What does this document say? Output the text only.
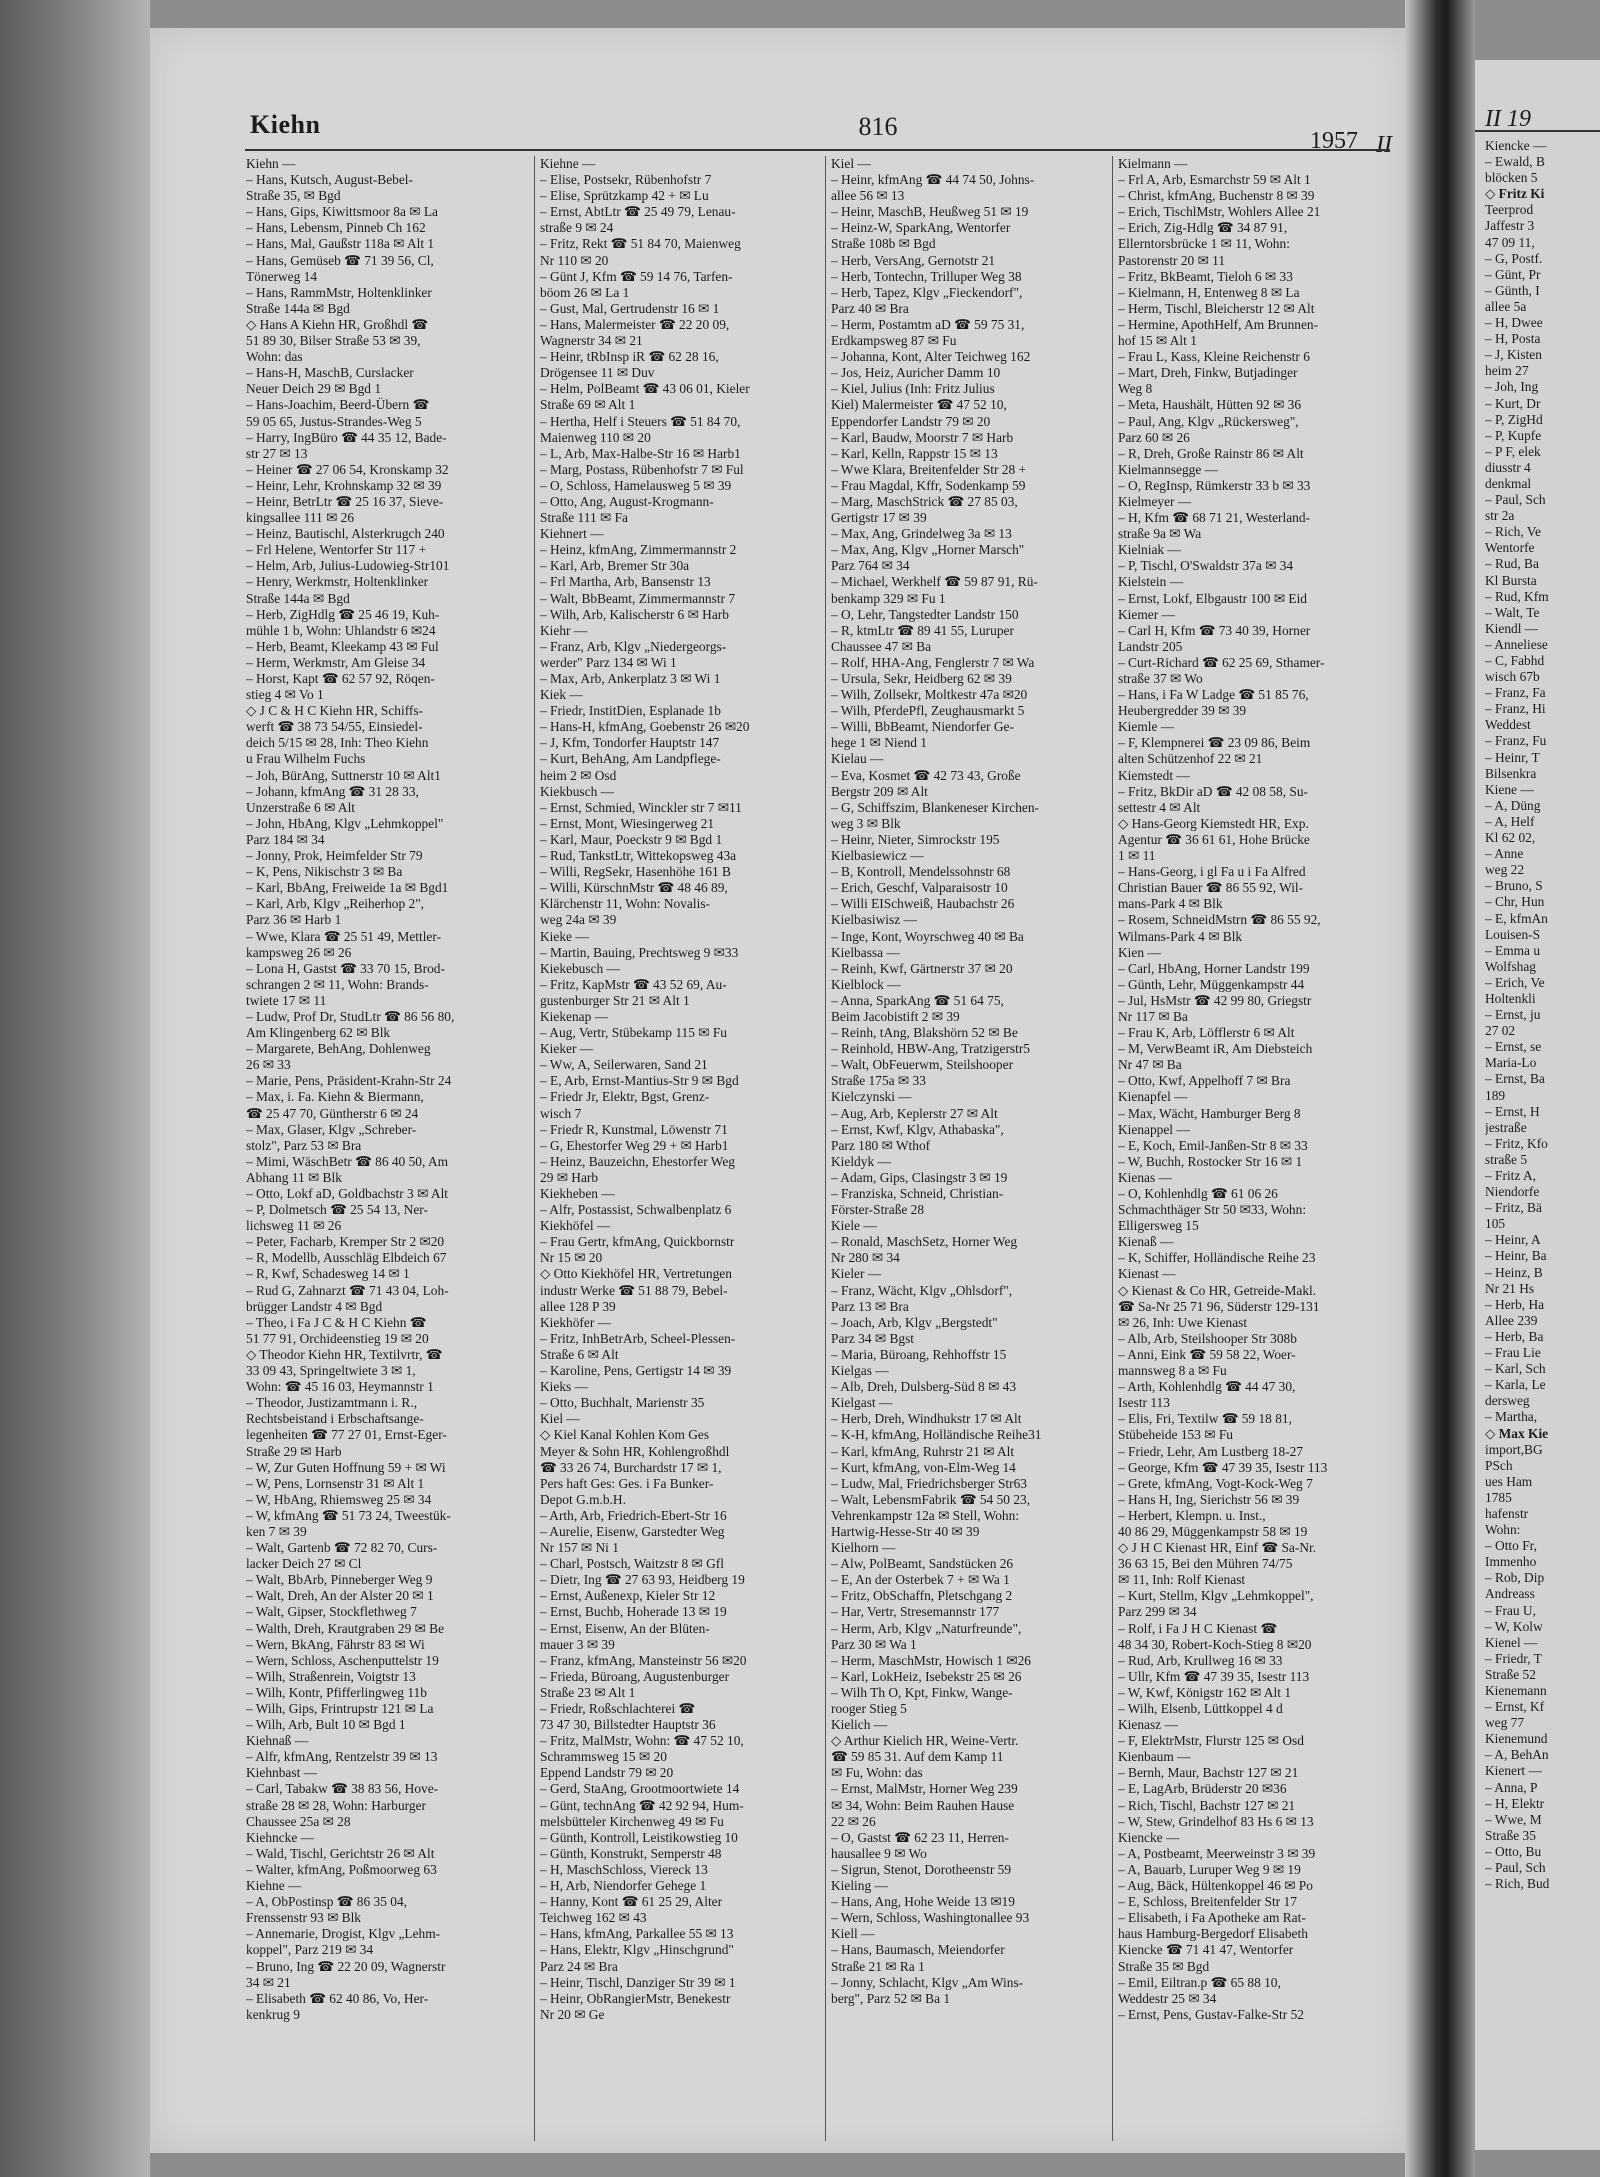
Kiehn	816	1957 II
Kiehn —
– Hans, Kutsch, August-Bebel-
Straße 35, ✉ Bgd
– Hans, Gips, Kiwittsmoor 8a ✉ La
– Hans, Lebensm, Pinneb Ch 162
– Hans, Mal, Gaußstr 118a ✉ Alt 1
– Hans, Gemüseb ☎ 71 39 56, Cl,
Tönerweg 14
– Hans, RammMstr, Holtenklinker
Straße 144a ✉ Bgd
◇ Hans A Kiehn HR, Großhdl ☎
51 89 30, Bilser Straße 53 ✉ 39,
Wohn: das
– Hans-H, MaschB, Curslacker
Neuer Deich 29 ✉ Bgd 1
– Hans-Joachim, Beerd-Übern ☎
59 05 65, Justus-Strandes-Weg 5
– Harry, IngBüro ☎ 44 35 12, Bade-
str 27 ✉ 13
– Heiner ☎ 27 06 54, Kronskamp 32
– Heinr, Lehr, Krohnskamp 32 ✉ 39
– Heinr, BetrLtr ☎ 25 16 37, Sieve-
kingsallee 111 ✉ 26
– Heinz, Bautischl, Alsterkrugch 240
– Frl Helene, Wentorfer Str 117 +
– Helm, Arb, Julius-Ludowieg-Str101
– Henry, Werkmstr, Holtenklinker
Straße 144a ✉ Bgd
– Herb, ZigHdlg ☎ 25 46 19, Kuh-
mühle 1 b, Wohn: Uhlandstr 6 ✉24
– Herb, Beamt, Kleekamp 43 ✉ Ful
– Herm, Werkmstr, Am Gleise 34
– Horst, Kapt ☎ 62 57 92, Röqen-
stieg 4 ✉ Vo 1
◇ J C & H C Kiehn HR, Schiffs-
werft ☎ 38 73 54/55, Einsiedel-
deich 5/15 ✉ 28, Inh: Theo Kiehn
u Frau Wilhelm Fuchs
– Joh, BürAng, Suttnerstr 10 ✉ Alt1
– Johann, kfmAng ☎ 31 28 33,
Unzerstraße 6 ✉ Alt
– John, HbAng, Klgv „Lehmkoppel"
Parz 184 ✉ 34
– Jonny, Prok, Heimfelder Str 79
– K, Pens, Nikischstr 3 ✉ Ba
– Karl, BbAng, Freiweide 1a ✉ Bgd1
– Karl, Arb, Klgv „Reiherhop 2",
Parz 36 ✉ Harb 1
– Wwe, Klara ☎ 25 51 49, Mettler-
kampsweg 26 ✉ 26
– Lona H, Gastst ☎ 33 70 15, Brod-
schrangen 2 ✉ 11, Wohn: Brands-
twiete 17 ✉ 11
– Ludw, Prof Dr, StudLtr ☎ 86 56 80,
Am Klingenberg 62 ✉ Blk
– Margarete, BehAng, Dohlenweg
26 ✉ 33
– Marie, Pens, Präsident-Krahn-Str 24
– Max, i. Fa. Kiehn & Biermann,
☎ 25 47 70, Güntherstr 6 ✉ 24
– Max, Glaser, Klgv „Schreber-
stolz", Parz 53 ✉ Bra
– Mimi, WäschBetr ☎ 86 40 50, Am
Abhang 11 ✉ Blk
– Otto, Lokf aD, Goldbachstr 3 ✉ Alt
– P, Dolmetsch ☎ 25 54 13, Ner-
lichsweg 11 ✉ 26
– Peter, Facharb, Kremper Str 2 ✉20
– R, Modellb, Ausschläg Elbdeich 67
– R, Kwf, Schadesweg 14 ✉ 1
– Rud G, Zahnarzt ☎ 71 43 04, Loh-
brügger Landstr 4 ✉ Bgd
– Theo, i Fa J C & H C Kiehn ☎
51 77 91, Orchideenstieg 19 ✉ 20
◇ Theodor Kiehn HR, Textilvrtr, ☎
33 09 43, Springeltwiete 3 ✉ 1,
Wohn: ☎ 45 16 03, Heymannstr 1
– Theodor, Justizamtmann i. R.,
Rechtsbeistand i Erbschaftsange-
legenheiten ☎ 77 27 01, Ernst-Eger-
Straße 29 ✉ Harb
– W, Zur Guten Hoffnung 59 + ✉ Wi
– W, Pens, Lornsenstr 31 ✉ Alt 1
– W, HbAng, Rhiemsweg 25 ✉ 34
– W, kfmAng ☎ 51 73 24, Tweestük-
ken 7 ✉ 39
– Walt, Gartenb ☎ 72 82 70, Curs-
lacker Deich 27 ✉ Cl
– Walt, BbArb, Pinneberger Weg 9
– Walt, Dreh, An der Alster 20 ✉ 1
– Walt, Gipser, Stockflethweg 7
– Walth, Dreh, Krautgraben 29 ✉ Be
– Wern, BkAng, Fährstr 83 ✉ Wi
– Wern, Schloss, Aschenputtelstr 19
– Wilh, Straßenrein, Voigtstr 13
– Wilh, Kontr, Pfifferlingweg 11b
– Wilh, Gips, Frintrupstr 121 ✉ La
– Wilh, Arb, Bult 10 ✉ Bgd 1
Kiehnaß —
– Alfr, kfmAng, Rentzelstr 39 ✉ 13
Kiehnbast —
– Carl, Tabakw ☎ 38 83 56, Hove-
straße 28 ✉ 28, Wohn: Harburger
Chaussee 25a ✉ 28
Kiehncke —
– Wald, Tischl, Gerichtstr 26 ✉ Alt
– Walter, kfmAng, Poßmoorweg 63
Kiehne —
– A, ObPostinsp ☎ 86 35 04,
Frenssenstr 93 ✉ Blk
– Annemarie, Drogist, Klgv „Lehm-
koppel", Parz 219 ✉ 34
– Bruno, Ing ☎ 22 20 09, Wagnerstr
34 ✉ 21
– Elisabeth ☎ 62 40 86, Vo, Her-
kenkrug 9
Kiehne —
– Elise, Postsekr, Rübenhofstr 7
– Elise, Sprützkamp 42 + ✉ Lu
– Ernst, AbtLtr ☎ 25 49 79, Lenau-
straße 9 ✉ 24
– Fritz, Rekt ☎ 51 84 70, Maienweg
Nr 110 ✉ 20
– Günt J, Kfm ☎ 59 14 76, Tarfen-
böom 26 ✉ La 1
– Gust, Mal, Gertrudenstr 16 ✉ 1
– Hans, Malermeister ☎ 22 20 09,
Wagnerstr 34 ✉ 21
– Heinr, tRbInsp iR ☎ 62 28 16,
Drögensee 11 ✉ Duv
– Helm, PolBeamt ☎ 43 06 01, Kieler
Straße 69 ✉ Alt 1
– Hertha, Helf i Steuers ☎ 51 84 70,
Maienweg 110 ✉ 20
– L, Arb, Max-Halbe-Str 16 ✉ Harb1
– Marg, Postass, Rübenhofstr 7 ✉ Ful
– O, Schloss, Hamelausweg 5 ✉ 39
– Otto, Ang, August-Krogmann-
Straße 111 ✉ Fa
Kiehnert —
– Heinz, kfmAng, Zimmermannstr 2
– Karl, Arb, Bremer Str 30a
– Frl Martha, Arb, Bansenstr 13
– Walt, BbBeamt, Zimmermannstr 7
– Wilh, Arb, Kalischerstr 6 ✉ Harb
Kiehr —
– Franz, Arb, Klgv „Niedergeorgs-
werder" Parz 134 ✉ Wi 1
– Max, Arb, Ankerplatz 3 ✉ Wi 1
Kiek —
– Friedr, InstitDien, Esplanade 1b
– Hans-H, kfmAng, Goebenstr 26 ✉20
– J, Kfm, Tondorfer Hauptstr 147
– Kurt, BehAng, Am Landpflege-
heim 2 ✉ Osd
Kiekbusch —
– Ernst, Schmied, Winckler str 7 ✉11
– Ernst, Mont, Wiesingerweg 21
– Karl, Maur, Poeckstr 9 ✉ Bgd 1
– Rud, TankstLtr, Wittekopsweg 43a
– Willi, RegSekr, Hasenhöhe 161 B
– Willi, KürschnMstr ☎ 48 46 89,
Klärchenstr 11, Wohn: Novalis-
weg 24a ✉ 39
Kieke —
– Martin, Bauing, Prechtsweg 9 ✉33
Kiekebusch —
– Fritz, KapMstr ☎ 43 52 69, Au-
gustenburger Str 21 ✉ Alt 1
Kiekenap —
– Aug, Vertr, Stübekamp 115 ✉ Fu
Kieker —
– Ww, A, Seilerwaren, Sand 21
– E, Arb, Ernst-Mantius-Str 9 ✉ Bgd
– Friedr Jr, Elektr, Bgst, Grenz-
wisch 7
– Friedr R, Kunstmal, Löwenstr 71
– G, Ehestorfer Weg 29 + ✉ Harb1
– Heinz, Bauzeichn, Ehestorfer Weg
29 ✉ Harb
Kiekheben —
– Alfr, Postassist, Schwalbenplatz 6
Kiekhöfel —
– Frau Gertr, kfmAng, Quickbornstr
Nr 15 ✉ 20
◇ Otto Kiekhöfel HR, Vertretungen
industr Werke ☎ 51 88 79, Bebel-
allee 128 P 39
Kiekhöfer —
– Fritz, InhBetrArb, Scheel-Plessen-
Straße 6 ✉ Alt
– Karoline, Pens, Gertigstr 14 ✉ 39
Kieks —
– Otto, Buchhalt, Marienstr 35
Kiel —
◇ Kiel Kanal Kohlen Kom Ges
Meyer & Sohn HR, Kohlengroßhdl
☎ 33 26 74, Burchardstr 17 ✉ 1,
Pers haft Ges: Ges. i Fa Bunker-
Depot G.m.b.H.
– Arth, Arb, Friedrich-Ebert-Str 16
– Aurelie, Eisenw, Garstedter Weg
Nr 157 ✉ Ni 1
– Charl, Postsch, Waitzstr 8 ✉ Gfl
– Dietr, Ing ☎ 27 63 93, Heidberg 19
– Ernst, Außenexp, Kieler Str 12
– Ernst, Buchb, Hoherade 13 ✉ 19
– Ernst, Eisenw, An der Blüten-
mauer 3 ✉ 39
– Franz, kfmAng, Mansteinstr 56 ✉20
– Frieda, Büroang, Augustenburger
Straße 23 ✉ Alt 1
– Friedr, Roßschlachterei ☎
73 47 30, Billstedter Hauptstr 36
– Fritz, MalMstr, Wohn: ☎ 47 52 10,
Schrammsweg 15 ✉ 20
Eppend Landstr 79 ✉ 20
– Gerd, StaAng, Grootmoortwiete 14
– Günt, technAng ☎ 42 92 94, Hum-
melsbütteler Kirchenweg 49 ✉ Fu
– Günth, Kontroll, Leistikowstieg 10
– Günth, Konstrukt, Semperstr 48
– H, MaschSchloss, Viereck 13
– H, Arb, Niendorfer Gehege 1
– Hanny, Kont ☎ 61 25 29, Alter
Teichweg 162 ✉ 43
– Hans, kfmAng, Parkallee 55 ✉ 13
– Hans, Elektr, Klgv „Hinschgrund"
Parz 24 ✉ Bra
– Heinr, Tischl, Danziger Str 39 ✉ 1
– Heinr, ObRangierMstr, Benekestr
Nr 20 ✉ Ge
Kiel —
– Heinr, kfmAng ☎ 44 74 50, Johns-
allee 56 ✉ 13
– Heinr, MaschB, Heußweg 51 ✉ 19
– Heinz-W, SparkAng, Wentorfer
Straße 108b ✉ Bgd
– Herb, VersAng, Gernotstr 21
– Herb, Tontechn, Trilluper Weg 38
– Herb, Tapez, Klgv „Fieckendorf",
Parz 40 ✉ Bra
– Herm, Postamtm aD ☎ 59 75 31,
Erdkampsweg 87 ✉ Fu
– Johanna, Kont, Alter Teichweg 162
– Jos, Heiz, Auricher Damm 10
– Kiel, Julius (Inh: Fritz Julius
Kiel) Malermeister ☎ 47 52 10,
Eppendorfer Landstr 79 ✉ 20
– Karl, Baudw, Moorstr 7 ✉ Harb
– Karl, Kelln, Rappstr 15 ✉ 13
– Wwe Klara, Breitenfelder Str 28 +
– Frau Magdal, Kffr, Sodenkamp 59
– Marg, MaschStrick ☎ 27 85 03,
Gertigstr 17 ✉ 39
– Max, Ang, Grindelweg 3a ✉ 13
– Max, Ang, Klgv „Horner Marsch"
Parz 764 ✉ 34
– Michael, Werkhelf ☎ 59 87 91, Rü-
benkamp 329 ✉ Fu 1
– O, Lehr, Tangstedter Landstr 150
– R, ktmLtr ☎ 89 41 55, Luruper
Chaussee 47 ✉ Ba
– Rolf, HHA-Ang, Fenglerstr 7 ✉ Wa
– Ursula, Sekr, Heidberg 62 ✉ 39
– Wilh, Zollsekr, Moltkestr 47a ✉20
– Wilh, PferdePfl, Zeughausmarkt 5
– Willi, BbBeamt, Niendorfer Ge-
hege 1 ✉ Niend 1
Kielau —
– Eva, Kosmet ☎ 42 73 43, Große
Bergstr 209 ✉ Alt
– G, Schiffszim, Blankeneser Kirchen-
weg 3 ✉ Blk
– Heinr, Nieter, Simrockstr 195
Kielbasiewicz —
– B, Kontroll, Mendelssohnstr 68
– Erich, Geschf, Valparaisostr 10
– Willi EISchweiß, Haubachstr 26
Kielbasiwisz —
– Inge, Kont, Woyrschweg 40 ✉ Ba
Kielbassa —
– Reinh, Kwf, Gärtnerstr 37 ✉ 20
Kielblock —
– Anna, SparkAng ☎ 51 64 75,
Beim Jacobistift 2 ✉ 39
– Reinh, tAng, Blakshörn 52 ✉ Be
– Reinhold, HBW-Ang, Tratzigerstr5
– Walt, ObFeuerwm, Steilshooper
Straße 175a ✉ 33
Kielczynski —
– Aug, Arb, Keplerstr 27 ✉ Alt
– Ernst, Kwf, Klgv, Athabaska",
Parz 180 ✉ Wthof
Kieldyk —
– Adam, Gips, Clasingstr 3 ✉ 19
– Franziska, Schneid, Christian-
Förster-Straße 28
Kiele —
– Ronald, MaschSetz, Horner Weg
Nr 280 ✉ 34
Kieler —
– Franz, Wächt, Klgv „Ohlsdorf",
Parz 13 ✉ Bra
– Joach, Arb, Klgv „Bergstedt"
Parz 34 ✉ Bgst
– Maria, Büroang, Rehhoffstr 15
Kielgas —
– Alb, Dreh, Dulsberg-Süd 8 ✉ 43
Kielgast —
– Herb, Dreh, Windhukstr 17 ✉ Alt
– K-H, kfmAng, Holländische Reihe31
– Karl, kfmAng, Ruhrstr 21 ✉ Alt
– Kurt, kfmAng, von-Elm-Weg 14
– Ludw, Mal, Friedrichsberger Str63
– Walt, LebensmFabrik ☎ 54 50 23,
Vehrenkampstr 12a ✉ Stell, Wohn:
Hartwig-Hesse-Str 40 ✉ 39
Kielhorn —
– Alw, PolBeamt, Sandstücken 26
– E, An der Osterbek 7 + ✉ Wa 1
– Fritz, ObSchaffn, Pletschgang 2
– Har, Vertr, Stresemannstr 177
– Herm, Arb, Klgv „Naturfreunde",
Parz 30 ✉ Wa 1
– Herm, MaschMstr, Howisch 1 ✉26
– Karl, LokHeiz, Isebekstr 25 ✉ 26
– Wilh Th O, Kpt, Finkw, Wange-
rooger Stieg 5
Kielich —
◇ Arthur Kielich HR, Weine-Vertr.
☎ 59 85 31. Auf dem Kamp 11
✉ Fu, Wohn: das
– Ernst, MalMstr, Horner Weg 239
✉ 34, Wohn: Beim Rauhen Hause
22 ✉ 26
– O, Gastst ☎ 62 23 11, Herren-
hausallee 9 ✉ Wo
– Sigrun, Stenot, Dorotheenstr 59
Kieling —
– Hans, Ang, Hohe Weide 13 ✉19
– Wern, Schloss, Washingtonallee 93
Kiell —
– Hans, Baumasch, Meiendorfer
Straße 21 ✉ Ra 1
– Jonny, Schlacht, Klgv „Am Wins-
berg", Parz 52 ✉ Ba 1
Kielmann —
– Frl A, Arb, Esmarchstr 59 ✉ Alt 1
– Christ, kfmAng, Buchenstr 8 ✉ 39
– Erich, TischlMstr, Wohlers Allee 21
– Erich, Zig-Hdlg ☎ 34 87 91,
Ellerntorsbrücke 1 ✉ 11, Wohn:
Pastorenstr 20 ✉ 11
– Fritz, BkBeamt, Tieloh 6 ✉ 33
– Kielmann, H, Entenweg 8 ✉ La
– Herm, Tischl, Bleicherstr 12 ✉ Alt
– Hermine, ApothHelf, Am Brunnen-
hof 15 ✉ Alt 1
– Frau L, Kass, Kleine Reichenstr 6
– Mart, Dreh, Finkw, Butjadinger
Weg 8
– Meta, Haushält, Hütten 92 ✉ 36
– Paul, Ang, Klgv „Rückersweg",
Parz 60 ✉ 26
– R, Dreh, Große Rainstr 86 ✉ Alt
Kielmannsegge —
– O, RegInsp, Rümkerstr 33 b ✉ 33
Kielmeyer —
– H, Kfm ☎ 68 71 21, Westerland-
straße 9a ✉ Wa
Kielniak —
– P, Tischl, O'Swaldstr 37a ✉ 34
Kielstein —
– Ernst, Lokf, Elbgaustr 100 ✉ Eid
Kiemer —
– Carl H, Kfm ☎ 73 40 39, Horner
Landstr 205
– Curt-Richard ☎ 62 25 69, Sthamer-
straße 37 ✉ Wo
– Hans, i Fa W Ladge ☎ 51 85 76,
Heubergredder 39 ✉ 39
Kiemle —
– F, Klempnerei ☎ 23 09 86, Beim
alten Schützenhof 22 ✉ 21
Kiemstedt —
– Fritz, BkDir aD ☎ 42 08 58, Su-
settestr 4 ✉ Alt
◇ Hans-Georg Kiemstedt HR, Exp.
Agentur ☎ 36 61 61, Hohe Brücke
1 ✉ 11
– Hans-Georg, i gl Fa u i Fa Alfred
Christian Bauer ☎ 86 55 92, Wil-
mans-Park 4 ✉ Blk
– Rosem, SchneidMstrn ☎ 86 55 92,
Wilmans-Park 4 ✉ Blk
Kien —
– Carl, HbAng, Horner Landstr 199
– Günth, Lehr, Müggenkampstr 44
– Jul, HsMstr ☎ 42 99 80, Griegstr
Nr 117 ✉ Ba
– Frau K, Arb, Löfflerstr 6 ✉ Alt
– M, VerwBeamt iR, Am Diebsteich
Nr 47 ✉ Ba
– Otto, Kwf, Appelhoff 7 ✉ Bra
Kienapfel —
– Max, Wächt, Hamburger Berg 8
Kienappel —
– E, Koch, Emil-Janßen-Str 8 ✉ 33
– W, Buchh, Rostocker Str 16 ✉ 1
Kienas —
– O, Kohlenhdlg ☎ 61 06 26
Schmachthäger Str 50 ✉33, Wohn:
Elligersweg 15
Kienaß —
– K, Schiffer, Holländische Reihe 23
Kienast —
◇ Kienast & Co HR, Getreide-Makl.
☎ Sa-Nr 25 71 96, Süderstr 129-131
✉ 26, Inh: Uwe Kienast
– Alb, Arb, Steilshooper Str 308b
– Anni, Eink ☎ 59 58 22, Woer-
mannsweg 8 a ✉ Fu
– Arth, Kohlenhdlg ☎ 44 47 30,
Isestr 113
– Elis, Fri, Textilw ☎ 59 18 81,
Stübeheide 153 ✉ Fu
– Friedr, Lehr, Am Lustberg 18-27
– George, Kfm ☎ 47 39 35, Isestr 113
– Grete, kfmAng, Vogt-Kock-Weg 7
– Hans H, Ing, Sierichstr 56 ✉ 39
– Herbert, Klempn. u. Inst.,
40 86 29, Müggenkampstr 58 ✉ 19
◇ J H C Kienast HR, Einf ☎ Sa-Nr.
36 63 15, Bei den Mühren 74/75
✉ 11, Inh: Rolf Kienast
– Kurt, Stellm, Klgv „Lehmkoppel",
Parz 299 ✉ 34
– Rolf, i Fa J H C Kienast ☎
48 34 30, Robert-Koch-Stieg 8 ✉20
– Rud, Arb, Krullweg 16 ✉ 33
– Ullr, Kfm ☎ 47 39 35, Isestr 113
– W, Kwf, Königstr 162 ✉ Alt 1
– Wilh, Elsenb, Lüttkoppel 4 d
Kienasz —
– F, ElektrMstr, Flurstr 125 ✉ Osd
Kienbaum —
– Bernh, Maur, Bachstr 127 ✉ 21
– E, LagArb, Brüderstr 20 ✉36
– Rich, Tischl, Bachstr 127 ✉ 21
– W, Stew, Grindelhof 83 Hs 6 ✉ 13
Kiencke —
– A, Postbeamt, Meerweinstr 3 ✉ 39
– A, Bauarb, Luruper Weg 9 ✉ 19
– Aug, Bäck, Hültenkoppel 46 ✉ Po
– E, Schloss, Breitenfelder Str 17
– Elisabeth, i Fa Apotheke am Rat-
haus Hamburg-Bergedorf Elisabeth
Kiencke ☎ 71 41 47, Wentorfer
Straße 35 ✉ Bgd
– Emil, Eiltran.p ☎ 65 88 10,
Weddestr 25 ✉ 34
– Ernst, Pens, Gustav-Falke-Str 52
II 19
Kiencke —
– Ewald, B
blöcken 5
◇ Fritz Ki
Teerprod
Jaffestr 3
47 09 11,
– G, Postf.
– Günt, Pr
– Günth, I
allee 5a
– H, Dwee
– H, Posta
– J, Kisten
heim 27
– Joh, Ing
– Kurt, Dr
– P, ZigHd
– P, Kupfe
– P F, elek
diusstr 4
denkmal
– Paul, Sch
str 2a
– Rich, Ve
Wentorfe
– Rud, Ba
Kl Bursta
– Rud, Kfm
– Walt, Te
Kiendl —
– Anneliese
– C, Fabhd
wisch 67b
– Franz, Fa
– Franz, Hi
Weddest
– Franz, Fu
– Heinr, T
Bilsenkra
Kiene —
– A, Düng
– A, Helf
Kl 62 02,
– Anne
weg 22
– Bruno, S
– Chr, Hun
– E, kfmAn
Louisen-S
– Emma u
Wolfshag
– Erich, Ve
Holtenkli
– Ernst, ju
27 02
– Ernst, se
Maria-Lo
– Ernst, Ba
189
– Ernst, H
jestraße
– Fritz, Kfo
straße 5
– Fritz A,
Niendorfe
– Fritz, Bä
105
– Heinr, A
– Heinr, Ba
– Heinz, B
Nr 21 Hs
– Herb, Ha
Allee 239
– Herb, Ba
– Frau Lie
– Karl, Sch
– Karla, Le
dersweg
– Martha,
◇ Max Kie
import,BG
PSch
ues Ham
1785
hafenstr
Wohn:
– Otto Fr,
Immenho
– Rob, Dip
Andreass
– Frau U,
– W, Kolw
Kienel —
– Friedr, T
Straße 52
Kienemann
– Ernst, Kf
weg 77
Kienemund
– A, BehAn
Kienert —
– Anna, P
– H, Elektr
– Wwe, M
Straße 35
– Otto, Bu
– Paul, Sch
– Rich, Bud
